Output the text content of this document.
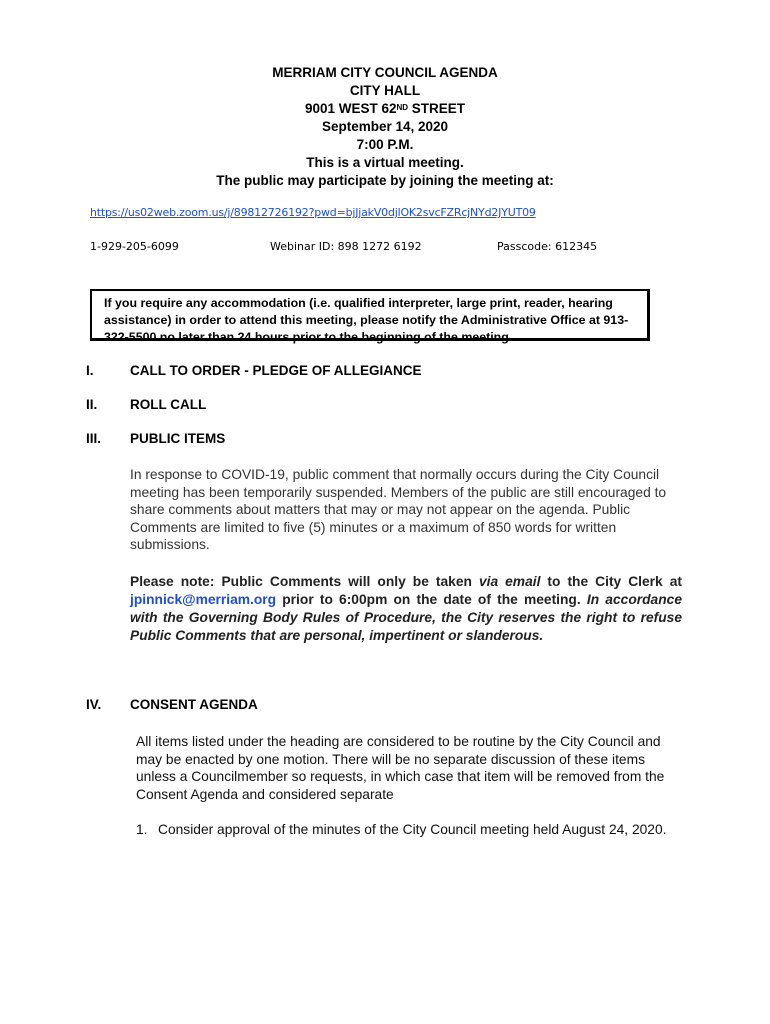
MERRIAM CITY COUNCIL AGENDA
CITY HALL
9001 WEST 62ND STREET
September 14, 2020
7:00 P.M.
This is a virtual meeting.
The public may participate by joining the meeting at:
https://us02web.zoom.us/j/89812726192?pwd=bjJjakV0djlOK2svcFZRcjNYd2JYUT09
1-929-205-6099	Webinar ID: 898 1272 6192	Passcode: 612345
If you require any accommodation (i.e. qualified interpreter, large print, reader, hearing assistance) in order to attend this meeting, please notify the Administrative Office at 913-322-5500 no later than 24 hours prior to the beginning of the meeting.
I.	CALL TO ORDER - PLEDGE OF ALLEGIANCE
II. ROLL CALL
III. PUBLIC ITEMS
In response to COVID-19, public comment that normally occurs during the City Council meeting has been temporarily suspended. Members of the public are still encouraged to share comments about matters that may or may not appear on the agenda. Public Comments are limited to five (5) minutes or a maximum of 850 words for written submissions.
Please note: Public Comments will only be taken via email to the City Clerk at jpinnick@merriam.org prior to 6:00pm on the date of the meeting. In accordance with the Governing Body Rules of Procedure, the City reserves the right to refuse Public Comments that are personal, impertinent or slanderous.
IV. CONSENT AGENDA
All items listed under the heading are considered to be routine by the City Council and may be enacted by one motion. There will be no separate discussion of these items unless a Councilmember so requests, in which case that item will be removed from the Consent Agenda and considered separate
1. Consider approval of the minutes of the City Council meeting held August 24, 2020.
